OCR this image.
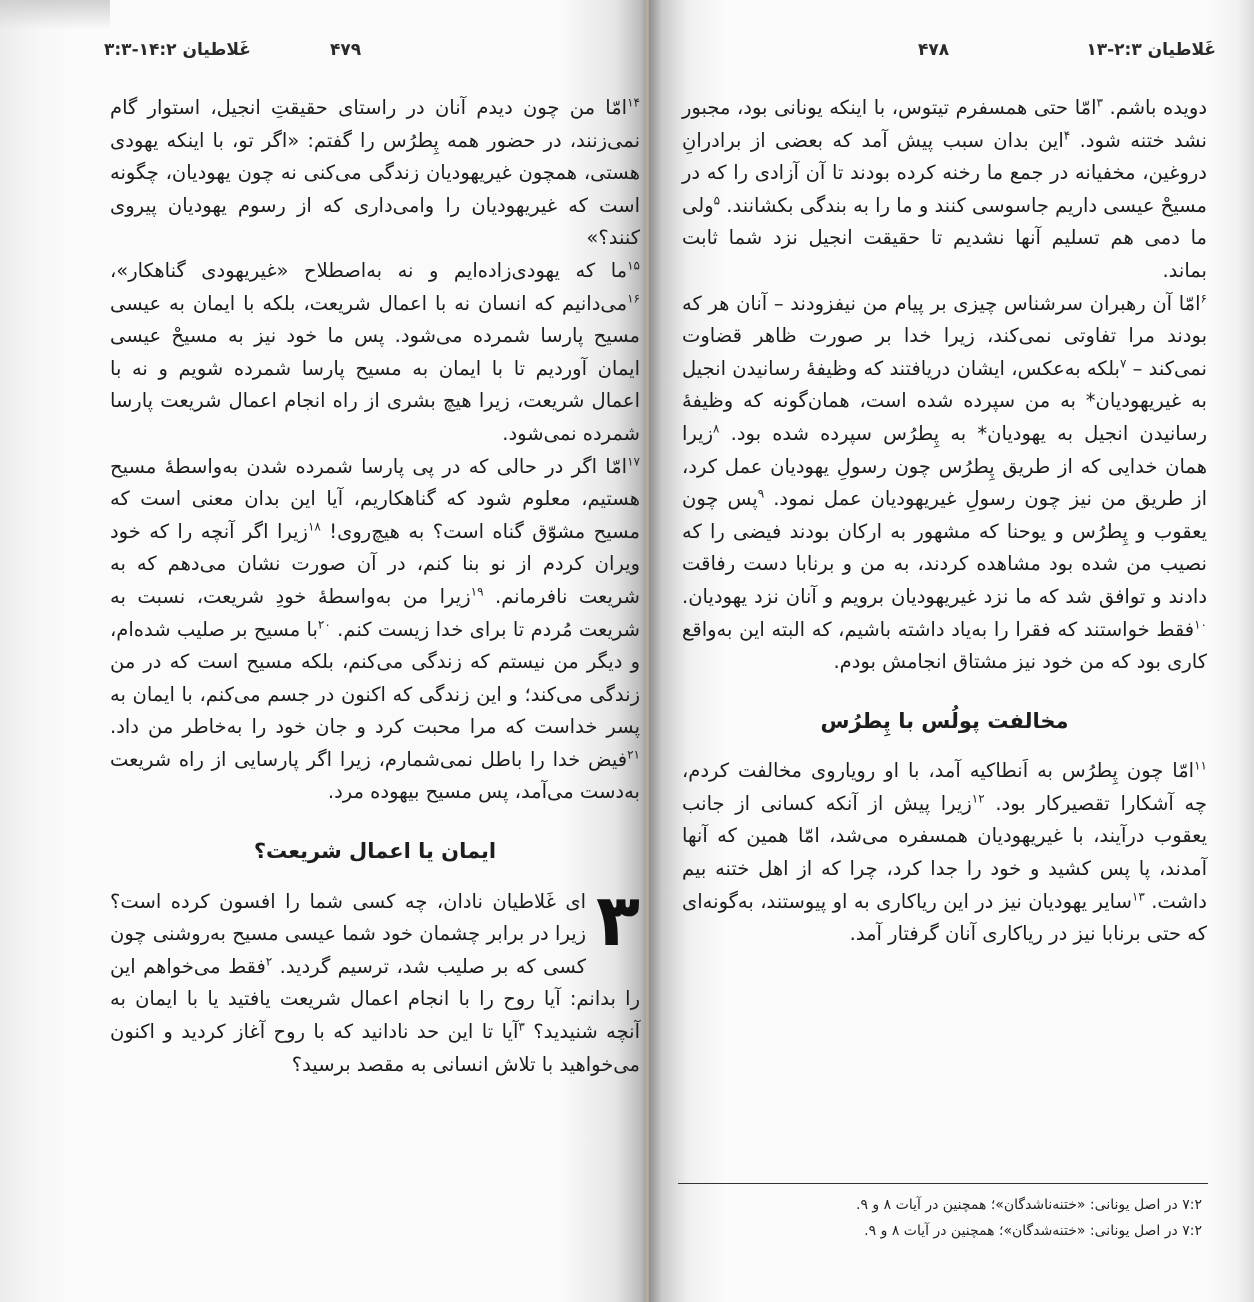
غَلاطیان ۱۴:۲-۳:۳	۴۷۹	غَلاطیان ۲:۳-۱۳
۴۷۸

$^{۱۴}$امّا من چون دیدم آنان در راستای حقیقتِ انجیل، استوار گام نمی‌زنند، در حضور همه پِطرُس را گفتم: «اگر تو، با اینکه یهودی هستی، همچون غیریهودیان زندگی می‌کنی نه چون یهودیان، چگونه است که غیریهودیان را وامی‌داری که از رسوم یهودیان پیروی کنند؟»

$^{۱۵}$ما که یهودی‌زاده‌ایم و نه به‌اصطلاح «غیریهودی گناهکار»، $^{۱۶}$می‌دانیم که انسان نه با اعمال شریعت، بلکه با ایمان به عیسی مسیح پارسا شمرده می‌شود. پس ما خود نیز به مسیحْ عیسی ایمان آوردیم تا با ایمان به مسیح پارسا شمرده شویم و نه با اعمال شریعت، زیرا هیچ بشری از راه انجام اعمال شریعت پارسا شمرده نمی‌شود.

$^{۱۷}$امّا اگر در حالی که در پی پارسا شمرده شدن به‌واسطهٔ مسیح هستیم، معلوم شود که گناهکاریم، آیا این بدان معنی است که مسیح مشوّق گناه است؟ به هیچ‌روی! $^{۱۸}$زیرا اگر آنچه را که خود ویران کردم از نو بنا کنم، در آن صورت نشان می‌دهم که به شریعت نافرمانم. $^{۱۹}$زیرا من به‌واسطهٔ خودِ شریعت، نسبت به شریعت مُردم تا برای خدا زیست کنم. $^{۲۰}$با مسیح بر صلیب شده‌ام، و دیگر من نیستم که زندگی می‌کنم، بلکه مسیح است که در من زندگی می‌کند؛ و این زندگی که اکنون در جسم می‌کنم، با ایمان به پسر خداست که مرا محبت کرد و جان خود را به‌خاطر من داد. $^{۲۱}$فیض خدا را باطل نمی‌شمارم، زیرا اگر پارسایی از راه شریعت به‌دست می‌آمد، پس مسیح بیهوده مرد.

ایمان یا اعمال شریعت؟

۳
ای غَلاطیان نادان، چه کسی شما را افسون کرده است؟ زیرا در برابر چشمان خود شما عیسی مسیح به‌روشنی چون کسی که بر صلیب شد، ترسیم گردید. $^۲$فقط می‌خواهم این را بدانم: آیا روح را با انجام اعمال شریعت یافتید یا با ایمان به آنچه شنیدید؟ $^۳$آیا تا این حد نادانید که با روح آغاز کردید و اکنون می‌خواهید با تلاش انسانی به مقصد برسید؟

دویده باشم. $^۳$امّا حتی همسفرم تیتوس، با اینکه یونانی بود، مجبور نشد ختنه شود. $^۴$این بدان سبب پیش آمد که بعضی از برادرانِ دروغین، مخفیانه در جمع ما رخنه کرده بودند تا آن آزادی را که در مسیحْ عیسی داریم جاسوسی کنند و ما را به بندگی بکشانند. $^۵$ولی ما دمی هم تسلیم آنها نشدیم تا حقیقت انجیل نزد شما ثابت بماند.

$^۶$امّا آن رهبران سرشناس چیزی بر پیام من نیفزودند – آنان هر که بودند مرا تفاوتی نمی‌کند، زیرا خدا بر صورت ظاهر قضاوت نمی‌کند – $^۷$بلکه به‌عکس، ایشان دریافتند که وظیفهٔ رسانیدن انجیل به غیریهودیان* به من سپرده شده است، همان‌گونه که وظیفهٔ رسانیدن انجیل به یهودیان* به پِطرُس سپرده شده بود. $^۸$زیرا همان خدایی که از طریق پِطرُس چون رسولِ یهودیان عمل کرد، از طریق من نیز چون رسولِ غیریهودیان عمل نمود. $^۹$پس چون یعقوب و پِطرُس و یوحنا که مشهور به ارکان بودند فیضی را که نصیب من شده بود مشاهده کردند، به من و برنابا دست رفاقت دادند و توافق شد که ما نزد غیریهودیان برویم و آنان نزد یهودیان. $^{۱۰}$فقط خواستند که فقرا را به‌یاد داشته باشیم، که البته این به‌واقع کاری بود که من خود نیز مشتاق انجامش بودم.

مخالفت پولُس با پِطرُس

$^{۱۱}$امّا چون پِطرُس به اَنطاکیه آمد، با او رویاروی مخالفت کردم، چه آشکارا تقصیرکار بود. $^{۱۲}$زیرا پیش از آنکه کسانی از جانب یعقوب درآیند، با غیریهودیان همسفره می‌شد، امّا همین که آنها آمدند، پا پس کشید و خود را جدا کرد، چرا که از اهل ختنه بیم داشت. $^{۱۳}$سایر یهودیان نیز در این ریاکاری به او پیوستند، به‌گونه‌ای که حتی برنابا نیز در ریاکاری آنان گرفتار آمد.

۷:۲ در اصل یونانی: «ختنه‌ناشدگان»؛ همچنین در آیات ۸ و ۹.
۷:۲ در اصل یونانی: «ختنه‌شدگان»؛ همچنین در آیات ۸ و ۹.
